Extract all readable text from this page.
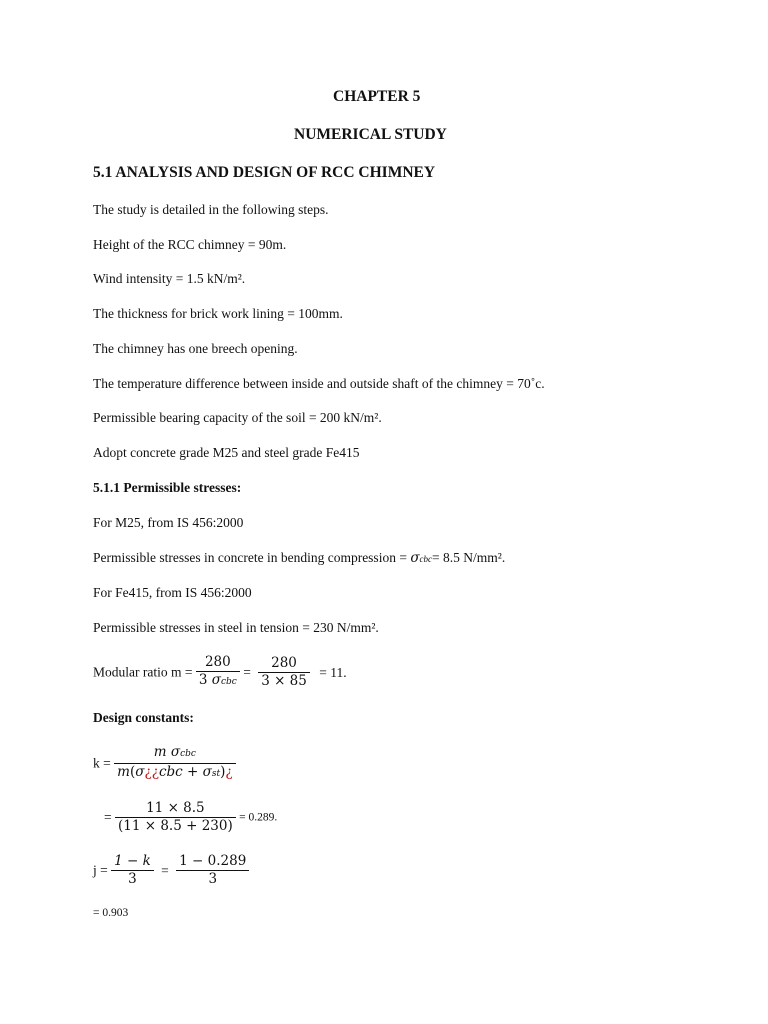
CHAPTER 5
NUMERICAL STUDY
5.1 ANALYSIS AND DESIGN OF RCC CHIMNEY
The study is detailed in the following steps.
Height of the RCC chimney = 90m.
Wind intensity = 1.5 kN/m².
The thickness for brick work lining = 100mm.
The chimney has one breech opening.
The temperature difference between inside and outside shaft of the chimney = 70˚c.
Permissible bearing capacity of the soil = 200 kN/m².
Adopt concrete grade M25 and steel grade Fe415
5.1.1 Permissible stresses:
For M25, from IS 456:2000
Permissible stresses in concrete in bending compression = σcbc= 8.5 N/mm².
For Fe415, from IS 456:2000
Permissible stresses in steel in tension = 230 N/mm².
Modular ratio $m = \frac{280}{\text{3 σcbc}} = \frac{280}{3 \times 85} = 11$.
Design constants:
$k = \frac{\text{m σcbc}}{\text{m(σ¿¿cbc + σst)¿}}$
= $\frac{11 \times 8.5}{(11 \times 8.5 + 230)} = 0.289$.
$j = \frac{1 - k}{3} = \frac{1 - 0.289}{3}$
= 0.903
